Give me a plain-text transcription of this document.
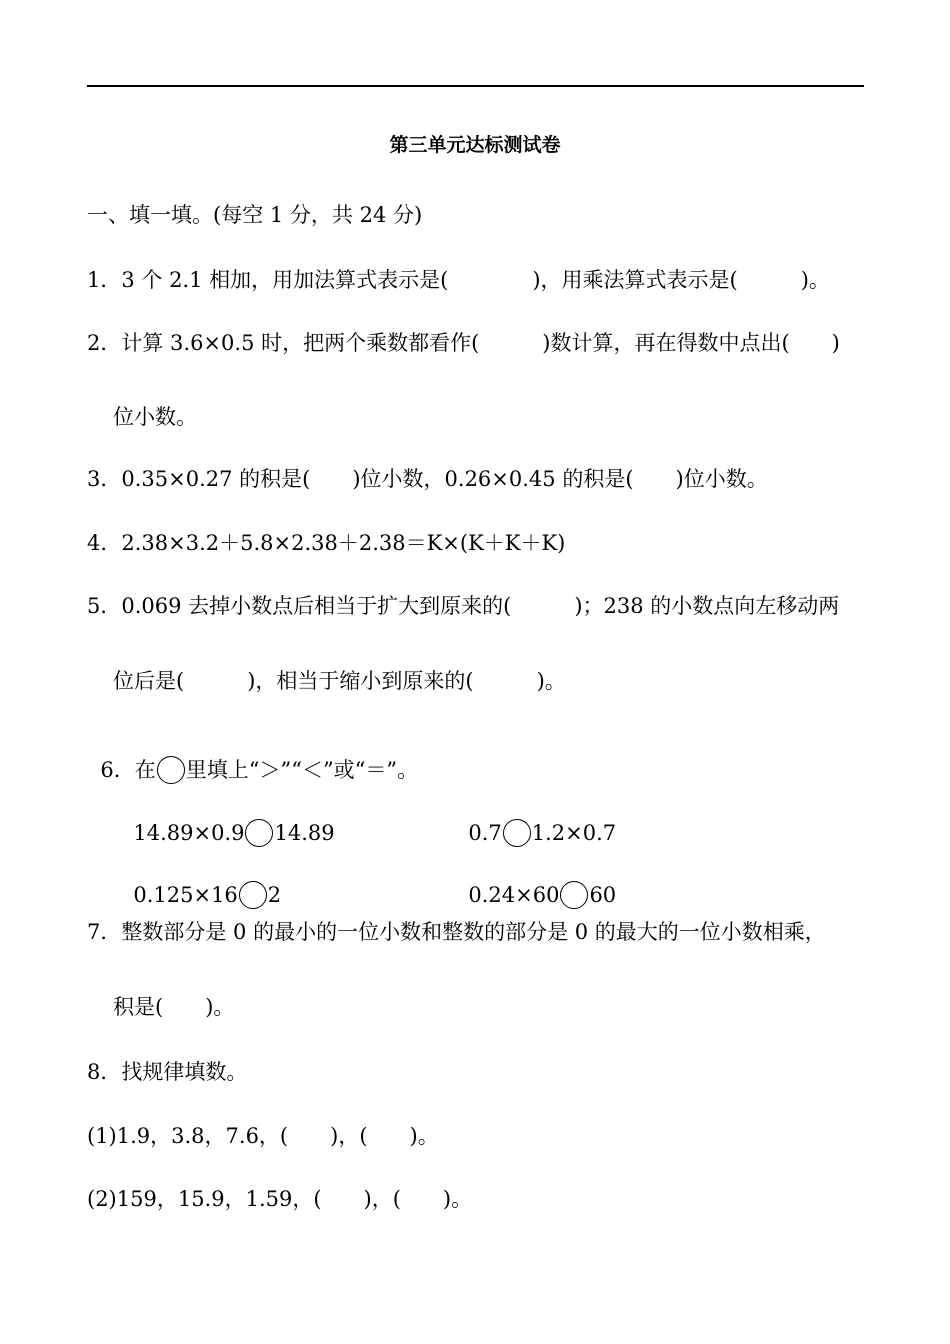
第三单元达标测试卷
一、填一填。(每空 1 分，共 24 分)
1．3 个 2.1 相加，用加法算式表示是(　　　　)，用乘法算式表示是(　　　)。
2．计算 3.6×0.5 时，把两个乘数都看作(　　　)数计算，再在得数中点出(　　)
位小数。
3．0.35×0.27 的积是(　　)位小数，0.26×0.45 的积是(　　)位小数。
4．2.38×3.2＋5.8×2.38＋2.38＝K×(K＋K＋K)
5．0.069 去掉小数点后相当于扩大到原来的(　　　)；238 的小数点向左移动两
位后是(　　　)，相当于缩小到原来的(　　　)。

6．在 里填上“＞”“＜”或“＝”。

14.89×0.9 14.89	0.7 1.2×0.7

0.125×16 2	0.24×60 60

7．整数部分是 0 的最小的一位小数和整数的部分是 0 的最大的一位小数相乘，
积是(　　)。
8．找规律填数。
(1)1.9，3.8，7.6，(　　)，(　　)。
(2)159，15.9，1.59，(　　)，(　　)。
